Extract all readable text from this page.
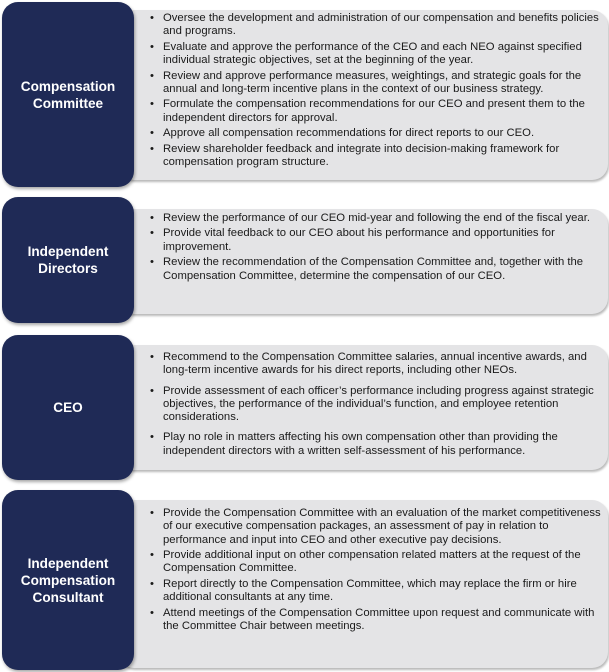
Compensation Committee
• Oversee the development and administration of our compensation and benefits policies and programs.
• Evaluate and approve the performance of the CEO and each NEO against specified individual strategic objectives, set at the beginning of the year.
• Review and approve performance measures, weightings, and strategic goals for the annual and long-term incentive plans in the context of our business strategy.
• Formulate the compensation recommendations for our CEO and present them to the independent directors for approval.
• Approve all compensation recommendations for direct reports to our CEO.
• Review shareholder feedback and integrate into decision-making framework for compensation program structure.
Independent Directors
• Review the performance of our CEO mid-year and following the end of the fiscal year.
• Provide vital feedback to our CEO about his performance and opportunities for improvement.
• Review the recommendation of the Compensation Committee and, together with the Compensation Committee, determine the compensation of our CEO.
CEO
• Recommend to the Compensation Committee salaries, annual incentive awards, and long-term incentive awards for his direct reports, including other NEOs.
• Provide assessment of each officer’s performance including progress against strategic objectives, the performance of the individual’s function, and employee retention considerations.
• Play no role in matters affecting his own compensation other than providing the independent directors with a written self-assessment of his performance.
Independent Compensation Consultant
• Provide the Compensation Committee with an evaluation of the market competitiveness of our executive compensation packages, an assessment of pay in relation to performance and input into CEO and other executive pay decisions.
• Provide additional input on other compensation related matters at the request of the Compensation Committee.
• Report directly to the Compensation Committee, which may replace the firm or hire additional consultants at any time.
• Attend meetings of the Compensation Committee upon request and communicate with the Committee Chair between meetings.
